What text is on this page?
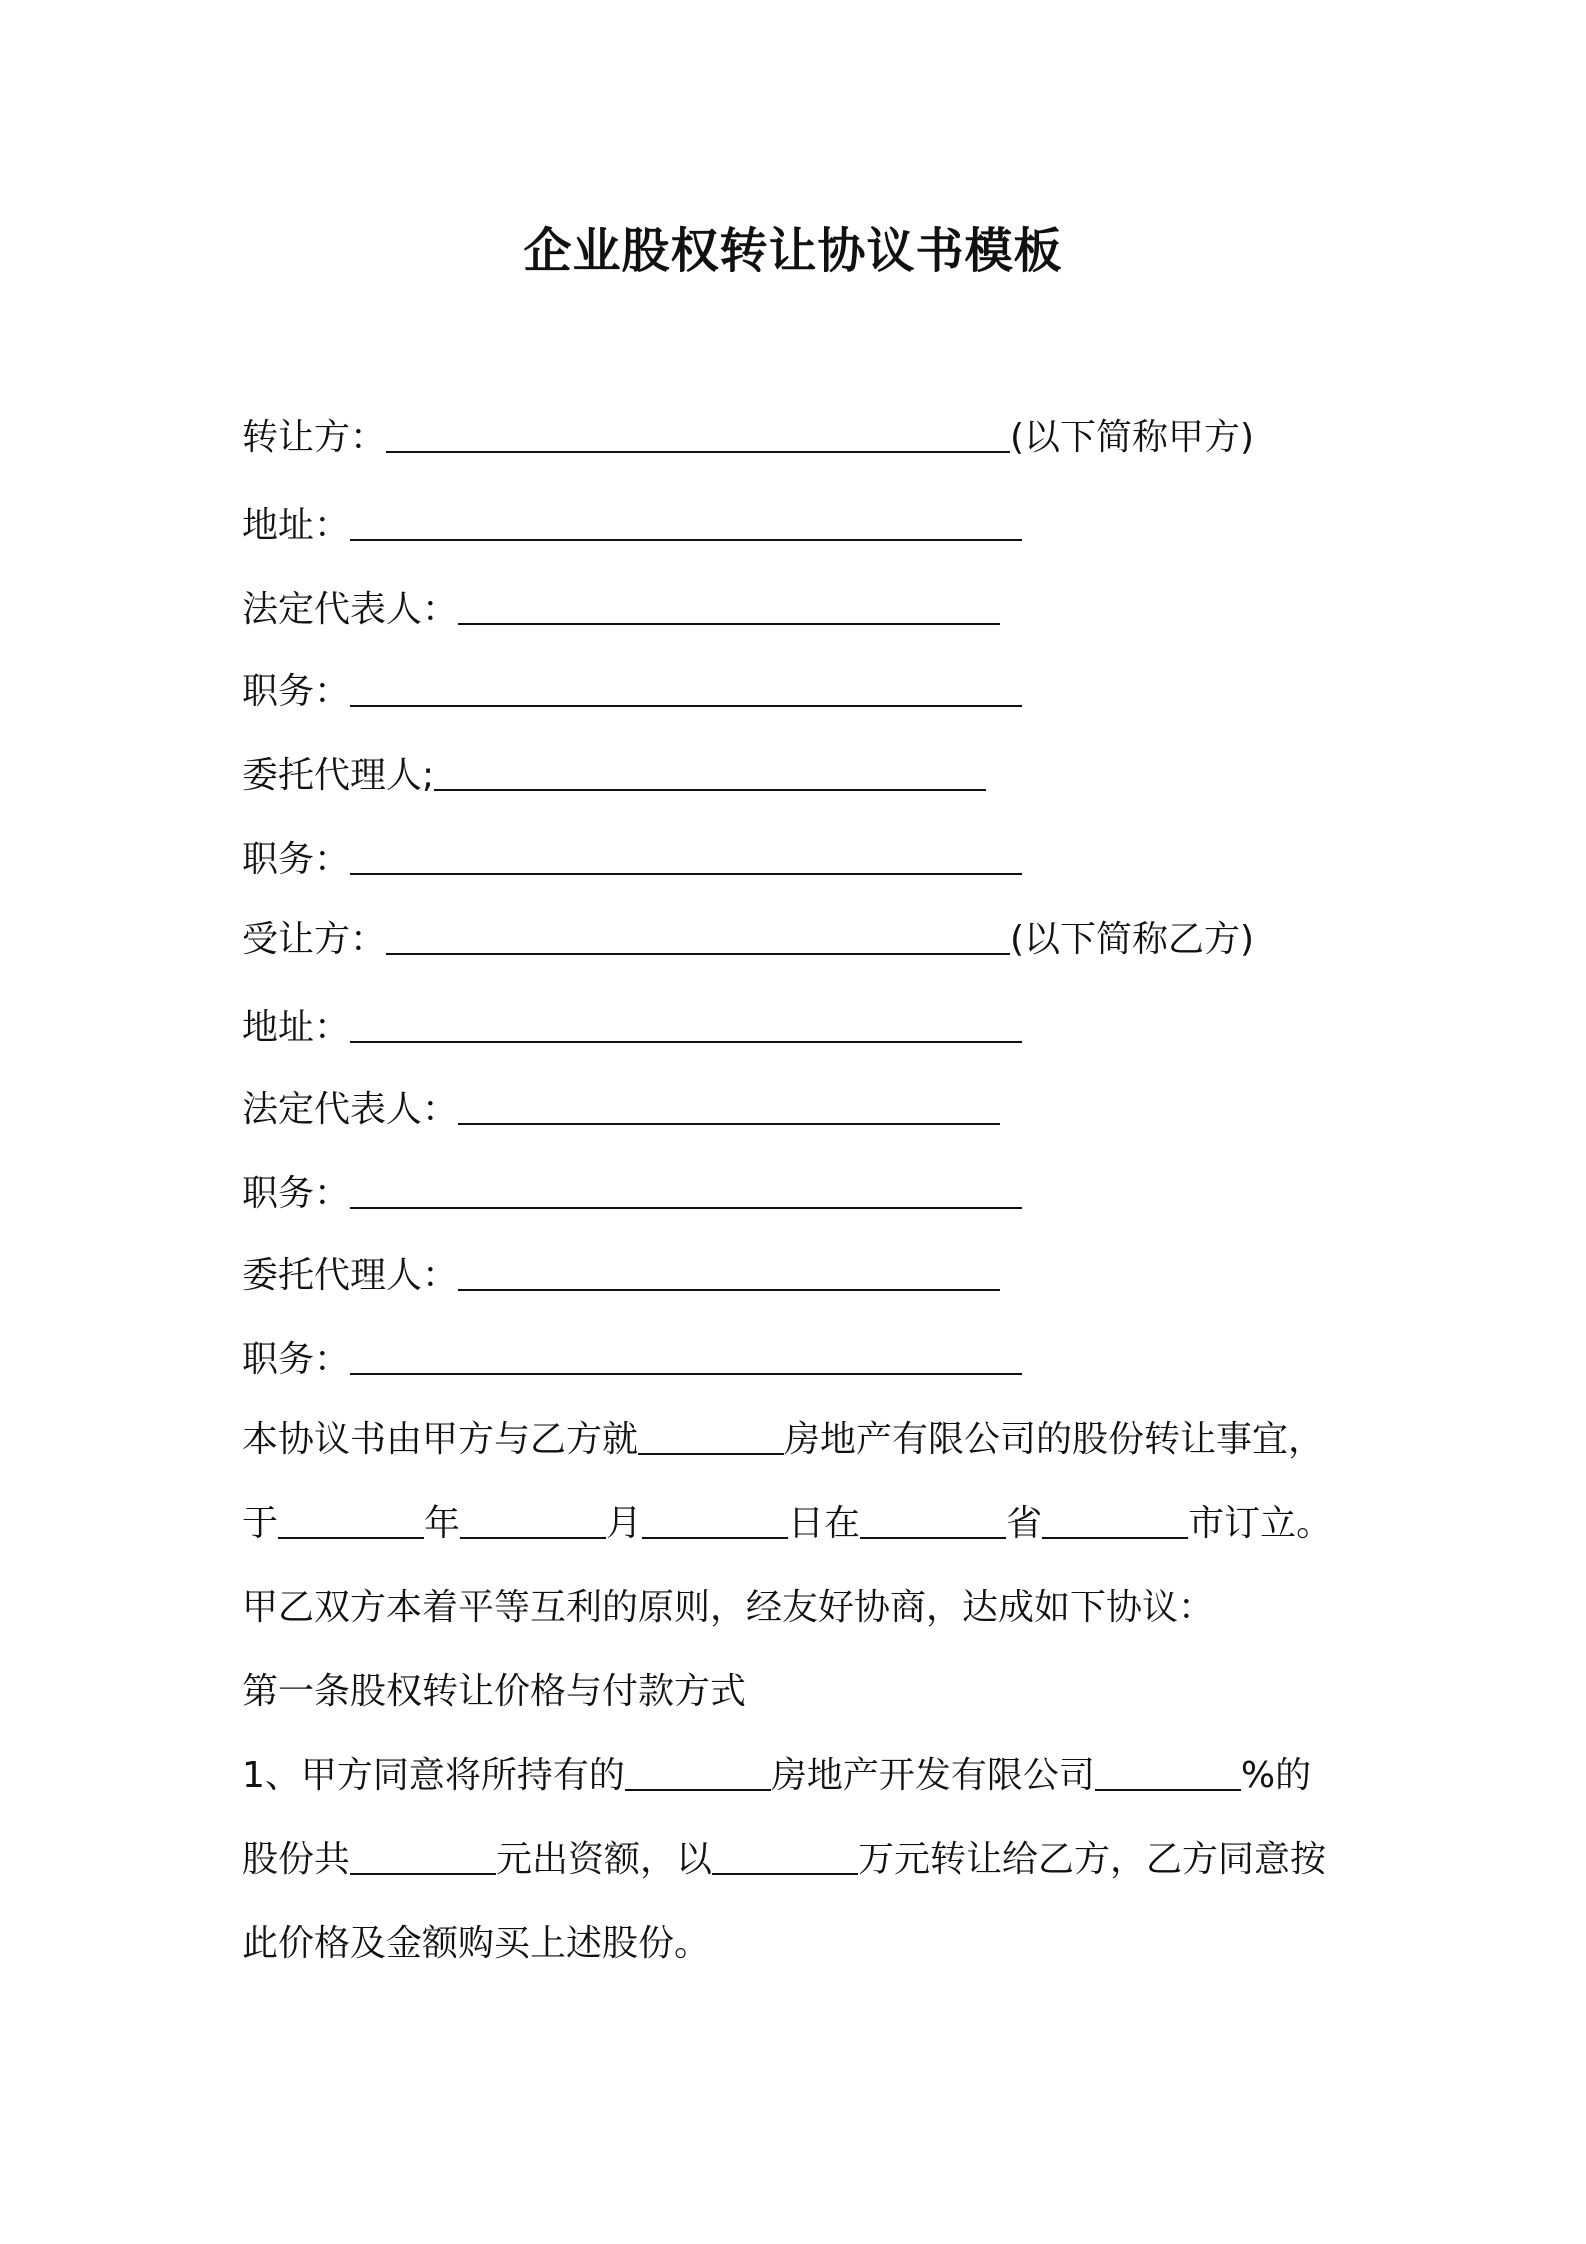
企业股权转让协议书模板
转让方：	(以下简称甲方)
地址：
法定代表人：
职务：
委托代理人;
职务：
受让方：	(以下简称乙方)
地址：
法定代表人：
职务：
委托代理人：
职务：
本协议书由甲方与乙方就	房地产有限公司的股份转让事宜，
于	年	月	日在	省	市订立。
甲乙双方本着平等互利的原则，经友好协商，达成如下协议：
第一条股权转让价格与付款方式
1、甲方同意将所持有的	房地产开发有限公司	%的
股份共	元出资额，以	万元转让给乙方，乙方同意按
此价格及金额购买上述股份。
